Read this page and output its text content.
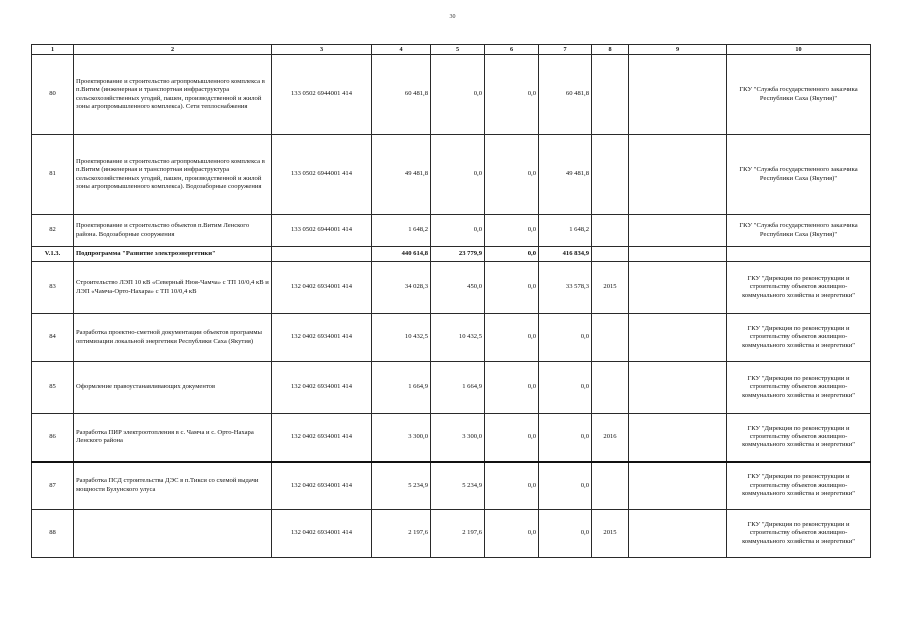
30
1	2	3	4	5	6	7	8	9	10
80	Проектирование и строительство агропромышленного комплекса в п.Витим (инженерная и транспортная инфраструктура сельскохозяйственных угодий, пашен, производственной и жилой зоны агропромышленного комплекса). Сети теплоснабжения	133 0502 6944001 414	60 481,8	0,0	0,0	60 481,8			ГКУ "Служба государственного заказчика Республики Саха (Якутия)"
81	Проектирование и строительство агропромышленного комплекса в п.Витим (инженерная и транспортная инфраструктура сельскохозяйственных угодий, пашен, производственной и жилой зоны агропромышленного комплекса). Водозаборные сооружения	133 0502 6944001 414	49 481,8	0,0	0,0	49 481,8			ГКУ "Служба государственного заказчика Республики Саха (Якутия)"
82	Проектирование и строительство объектов п.Витим Ленского района. Водозаборные сооружения	133 0502 6944001 414	1 648,2	0,0	0,0	1 648,2			ГКУ "Служба государственного заказчика Республики Саха (Якутия)"
V.1.3.	Подпрограмма "Развитие электроэнергетики"		440 614,8	23 779,9	0,0	416 834,9			
83	Строительство ЛЭП 10 кВ «Северный Нюя-Чамча» с ТП 10/0,4 кВ и ЛЭП «Чамча-Орто-Нахара» с ТП 10/0,4 кВ	132 0402 6934001 414	34 028,3	450,0	0,0	33 578,3	2015		ГКУ "Дирекция по реконструкции и строительству объектов жилищно-коммунального хозяйства и энергетики"
84	Разработка проектно-сметной документации объектов программы оптимизации локальной энергетики Республики Саха (Якутия)	132 0402 6934001 414	10 432,5	10 432,5	0,0	0,0			ГКУ "Дирекция по реконструкции и строительству объектов жилищно-коммунального хозяйства и энергетики"
85	Оформление правоустанавливающих документов	132 0402 6934001 414	1 664,9	1 664,9	0,0	0,0			ГКУ "Дирекция по реконструкции и строительству объектов жилищно-коммунального хозяйства и энергетики"
86	Разработка ПИР электроотопления в с. Чамча и с. Орто-Нахара Ленского района	132 0402 6934001 414	3 300,0	3 300,0	0,0	0,0	2016		ГКУ "Дирекция по реконструкции и строительству объектов жилищно-коммунального хозяйства и энергетики"
87	Разработка ПСД строительства ДЭС в п.Тикси со схемой выдачи мощности Булунского улуса	132 0402 6934001 414	5 234,9	5 234,9	0,0	0,0			ГКУ "Дирекция по реконструкции и строительству объектов жилищно-коммунального хозяйства и энергетики"
88		132 0402 6934001 414	2 197,6	2 197,6	0,0	0,0	2015		ГКУ "Дирекция по реконструкции и строительству объектов жилищно-коммунального хозяйства и энергетики"
